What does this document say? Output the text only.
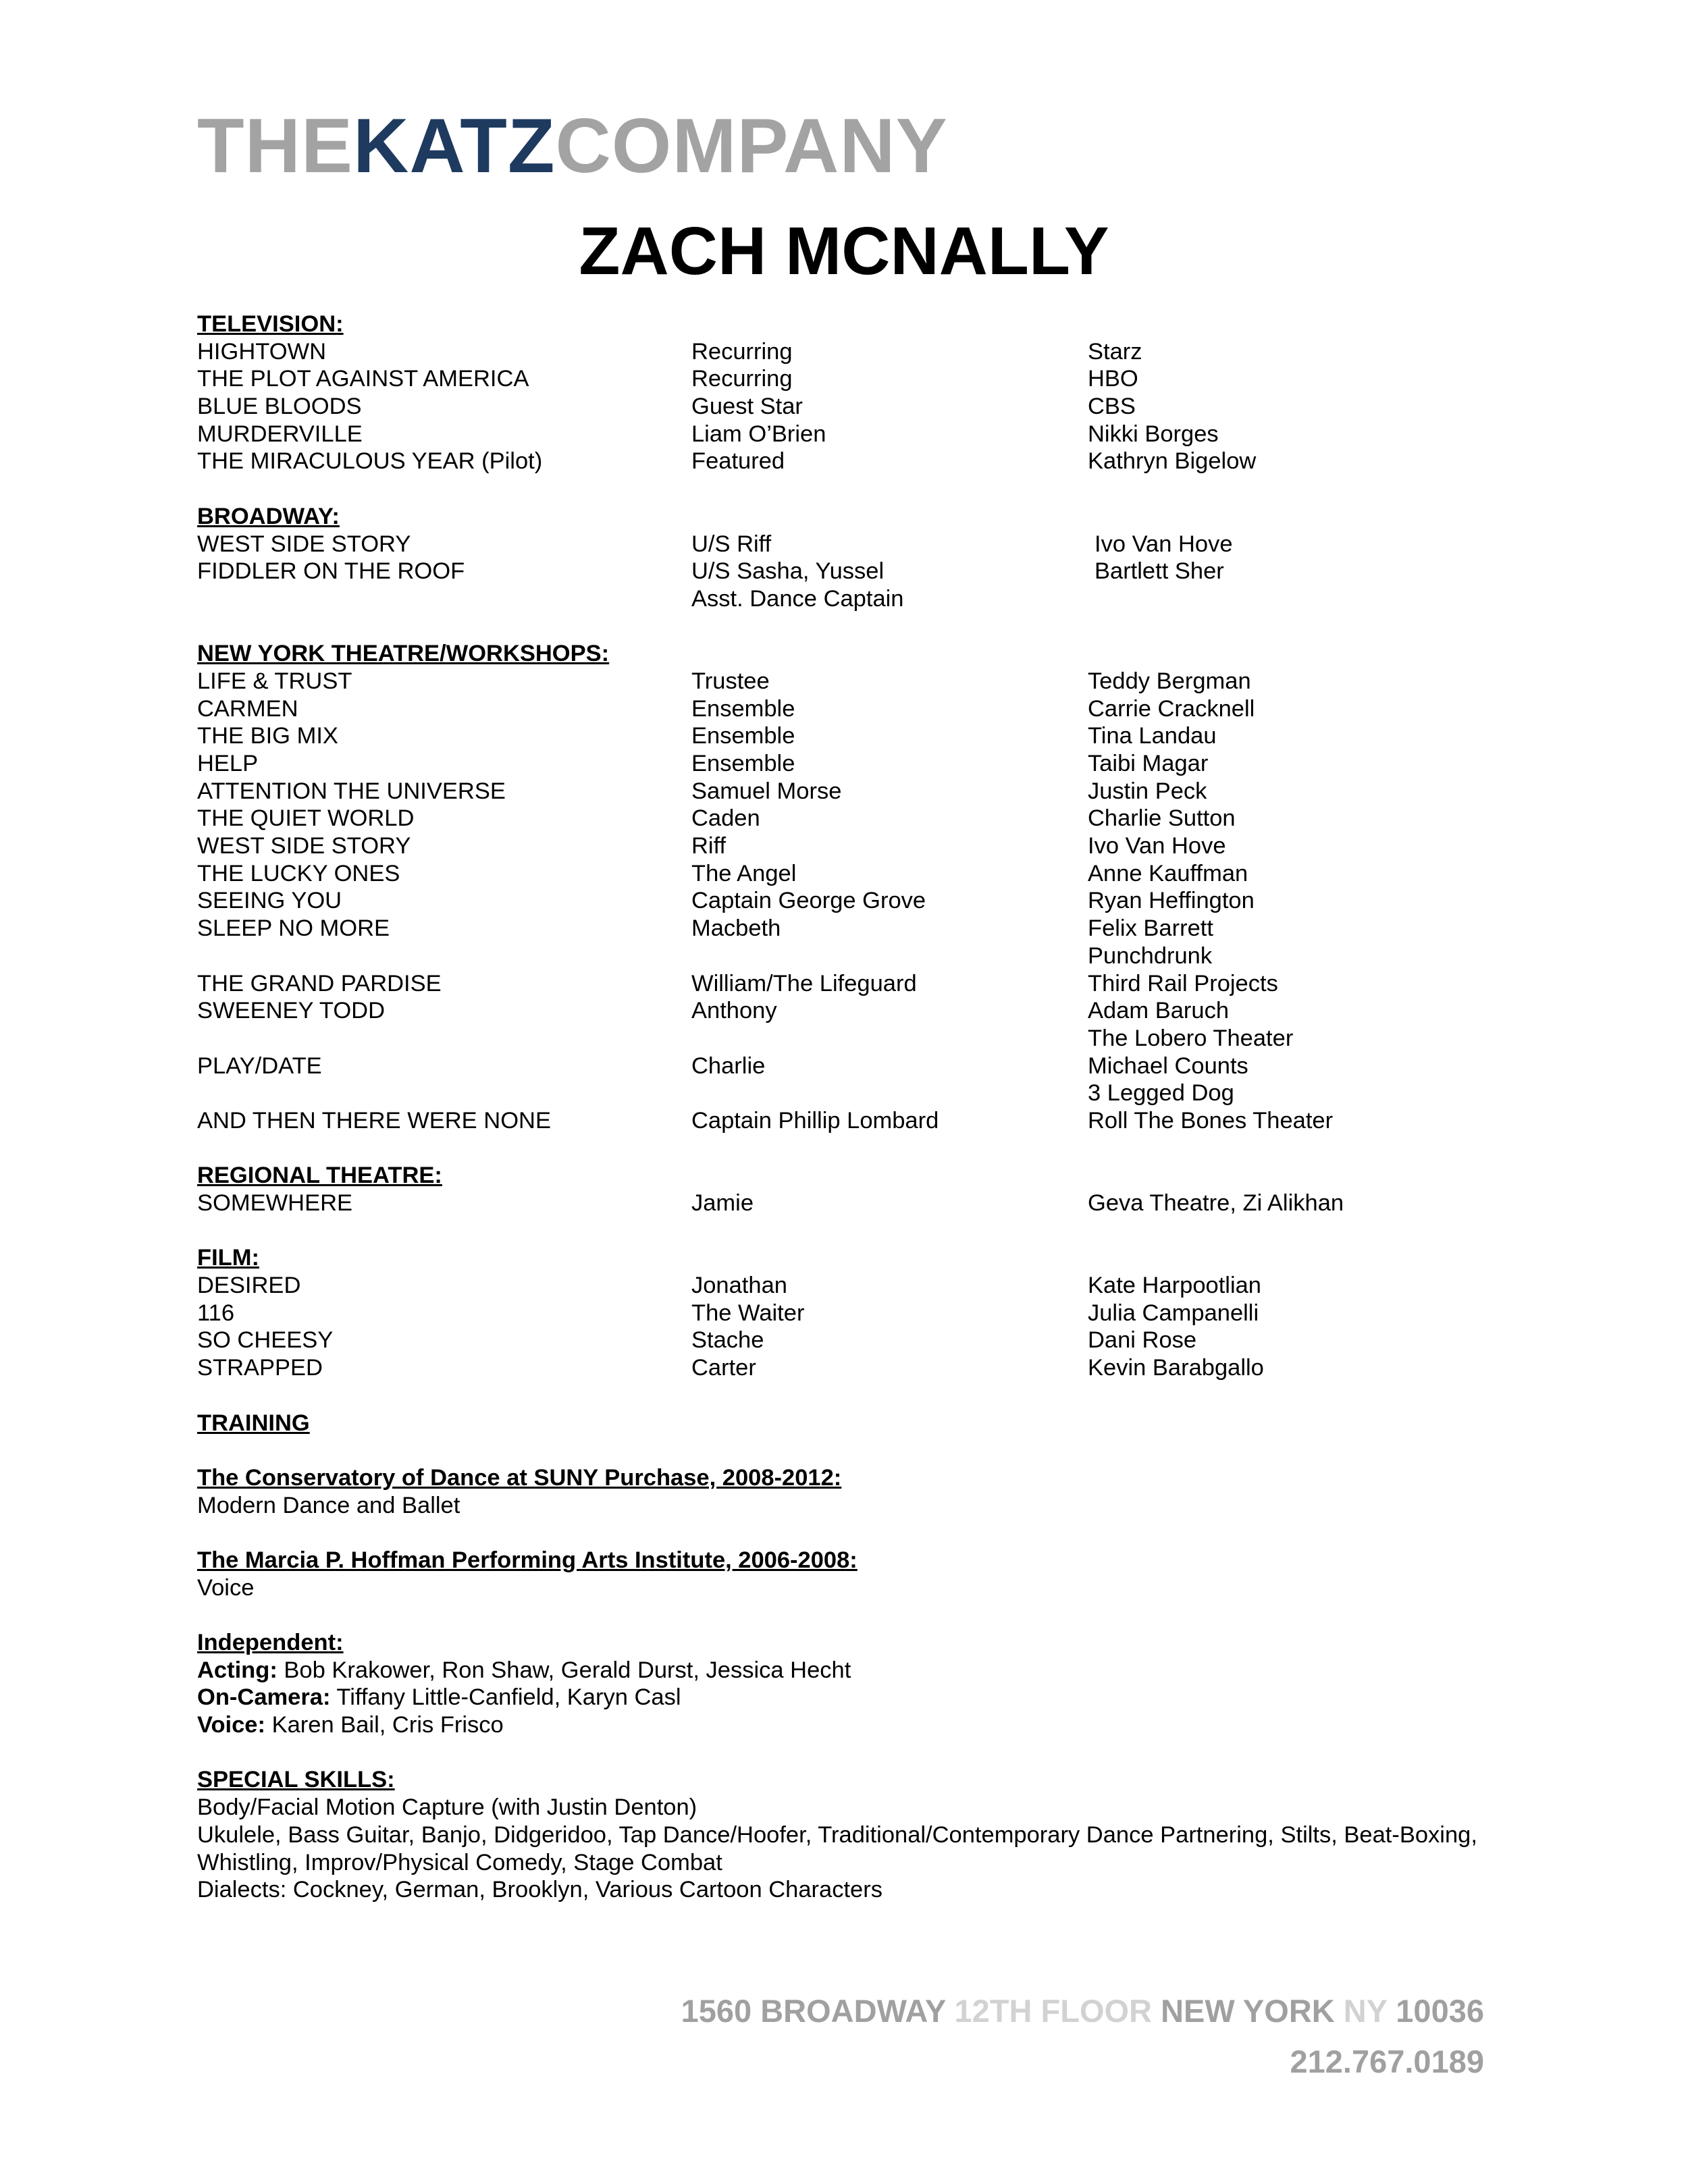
THEKATZCOMPANY
ZACH MCNALLY
TELEVISION:
HIGHTOWN	Recurring	Starz
THE PLOT AGAINST AMERICA	Recurring	HBO
BLUE BLOODS	Guest Star	CBS
MURDERVILLE	Liam O’Brien	Nikki Borges
THE MIRACULOUS YEAR (Pilot)	Featured	Kathryn Bigelow
BROADWAY:
WEST SIDE STORY	U/S Riff	Ivo Van Hove
FIDDLER ON THE ROOF	U/S Sasha, Yussel	Bartlett Sher
Asst. Dance Captain
NEW YORK THEATRE/WORKSHOPS:
LIFE & TRUST	Trustee	Teddy Bergman
CARMEN	Ensemble	Carrie Cracknell
THE BIG MIX	Ensemble	Tina Landau
HELP	Ensemble	Taibi Magar
ATTENTION THE UNIVERSE	Samuel Morse	Justin Peck
THE QUIET WORLD	Caden	Charlie Sutton
WEST SIDE STORY	Riff	Ivo Van Hove
THE LUCKY ONES	The Angel	Anne Kauffman
SEEING YOU	Captain George Grove	Ryan Heffington
SLEEP NO MORE	Macbeth	Felix Barrett
Punchdrunk
THE GRAND PARDISE	William/The Lifeguard	Third Rail Projects
SWEENEY TODD	Anthony	Adam Baruch
The Lobero Theater
PLAY/DATE	Charlie	Michael Counts
3 Legged Dog
AND THEN THERE WERE NONE	Captain Phillip Lombard	Roll The Bones Theater
REGIONAL THEATRE:
SOMEWHERE	Jamie	Geva Theatre, Zi Alikhan
FILM:
DESIRED	Jonathan	Kate Harpootlian
116	The Waiter	Julia Campanelli
SO CHEESY	Stache	Dani Rose
STRAPPED	Carter	Kevin Barabgallo
TRAINING
The Conservatory of Dance at SUNY Purchase, 2008-2012:
Modern Dance and Ballet
The Marcia P. Hoffman Performing Arts Institute, 2006-2008:
Voice
Independent:
Acting: Bob Krakower, Ron Shaw, Gerald Durst, Jessica Hecht
On-Camera: Tiffany Little-Canfield, Karyn Casl
Voice: Karen Bail, Cris Frisco
SPECIAL SKILLS:
Body/Facial Motion Capture (with Justin Denton)
Ukulele, Bass Guitar, Banjo, Didgeridoo, Tap Dance/Hoofer, Traditional/Contemporary Dance Partnering, Stilts, Beat-Boxing,
Whistling, Improv/Physical Comedy, Stage Combat
Dialects: Cockney, German, Brooklyn, Various Cartoon Characters
1560 BROADWAY 12TH FLOOR NEW YORK NY 10036
212.767.0189
